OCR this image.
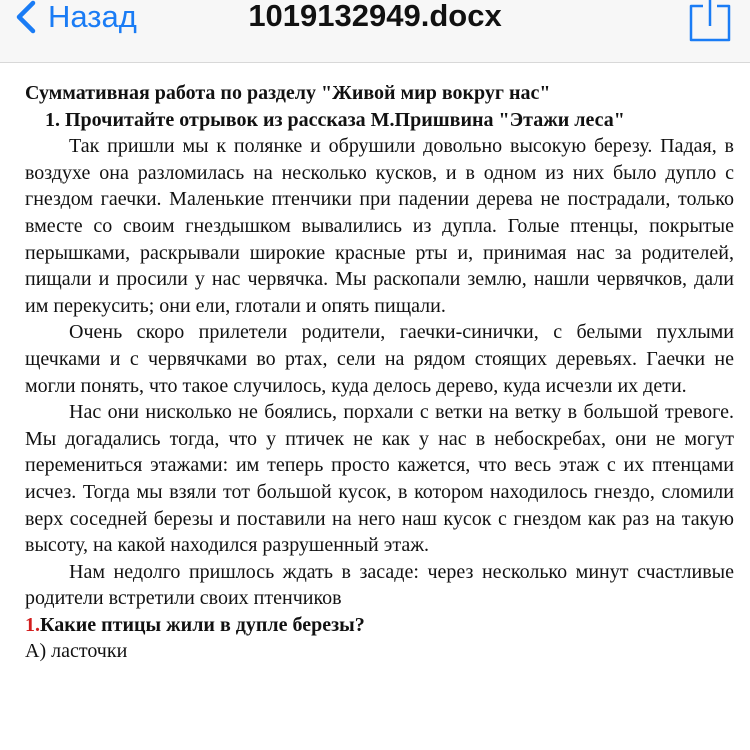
Назад	1019132949.docx

Суммативная работа по разделу "Живой мир вокруг нас"

1. Прочитайте отрывок из рассказа М.Пришвина "Этажи леса"

Так пришли мы к полянке и обрушили довольно высокую березу. Падая, в воздухе она разломилась на несколько кусков, и в одном из них было дупло с гнездом гаечки. Маленькие птенчики при падении дерева не пострадали, только вместе со своим гнездышком вывалились из дупла. Голые птенцы, покрытые перышками, раскрывали широкие красные рты и, принимая нас за родителей, пищали и просили у нас червячка. Мы раскопали землю, нашли червячков, дали им перекусить; они ели, глотали и опять пищали.

Очень скоро прилетели родители, гаечки-синички, с белыми пухлыми щечками и с червячками во ртах, сели на рядом стоящих деревьях. Гаечки не могли понять, что такое случилось, куда делось дерево, куда исчезли их дети.

Нас они нисколько не боялись, порхали с ветки на ветку в большой тревоге. Мы догадались тогда, что у птичек не как у нас в небоскребах, они не могут перемениться этажами: им теперь просто кажется, что весь этаж с их птенцами исчез. Тогда мы взяли тот большой кусок, в котором находилось гнездо, сломили верх соседней березы и поставили на него наш кусок с гнездом как раз на такую высоту, на какой находился разрушенный этаж.

Нам недолго пришлось ждать в засаде: через несколько минут счастливые родители встретили своих птенчиков

1.Какие птицы жили в дупле березы?

А) ласточки
